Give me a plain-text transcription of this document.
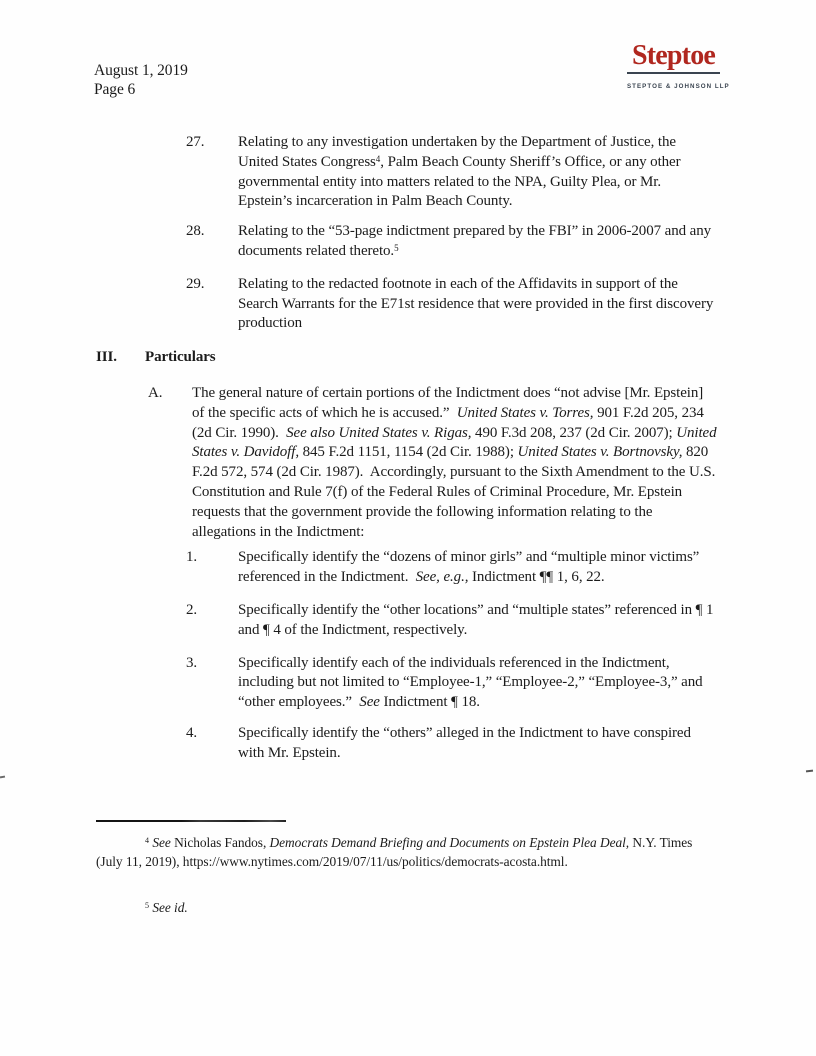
August 1, 2019
Page 6
Steptoe
STEPTOE & JOHNSON LLP
27.	Relating to any investigation undertaken by the Department of Justice, the United States Congress$^4$, Palm Beach County Sheriff’s Office, or any other governmental entity into matters related to the NPA, Guilty Plea, or Mr. Epstein’s incarceration in Palm Beach County.
28.	Relating to the “53-page indictment prepared by the FBI” in 2006-2007 and any documents related thereto.$^5$
29.	Relating to the redacted footnote in each of the Affidavits in support of the Search Warrants for the E71st residence that were provided in the first discovery production
III.	Particulars
A.	The general nature of certain portions of the Indictment does “not advise [Mr. Epstein] of the specific acts of which he is accused.”  United States v. Torres, 901 F.2d 205, 234 (2d Cir. 1990).  See also United States v. Rigas, 490 F.3d 208, 237 (2d Cir. 2007); United States v. Davidoff, 845 F.2d 1151, 1154 (2d Cir. 1988); United States v. Bortnovsky, 820 F.2d 572, 574 (2d Cir. 1987).  Accordingly, pursuant to the Sixth Amendment to the U.S. Constitution and Rule 7(f) of the Federal Rules of Criminal Procedure, Mr. Epstein requests that the government provide the following information relating to the allegations in the Indictment:
1.	Specifically identify the “dozens of minor girls” and “multiple minor victims” referenced in the Indictment.  See, e.g., Indictment ¶¶ 1, 6, 22.
2.	Specifically identify the “other locations” and “multiple states” referenced in ¶ 1 and ¶ 4 of the Indictment, respectively.
3.	Specifically identify each of the individuals referenced in the Indictment, including but not limited to “Employee-1,” “Employee-2,” “Employee-3,” and “other employees.”  See Indictment ¶ 18.
4.	Specifically identify the “others” alleged in the Indictment to have conspired with Mr. Epstein.
$^4$ See Nicholas Fandos, Democrats Demand Briefing and Documents on Epstein Plea Deal, N.Y. Times (July 11, 2019), https://www.nytimes.com/2019/07/11/us/politics/democrats-acosta.html.
$^5$ See id.
